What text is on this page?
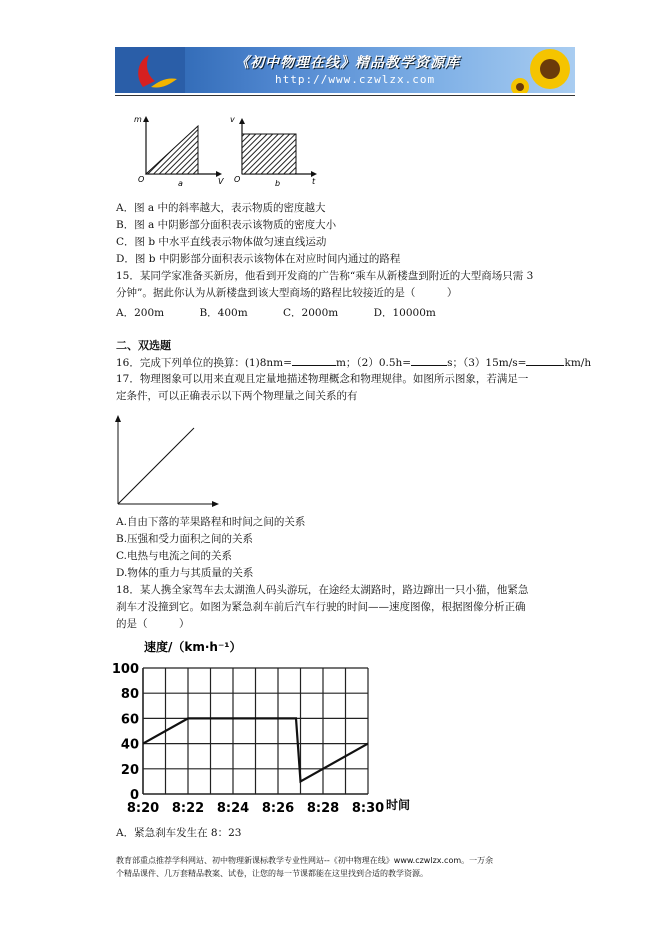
《初中物理在线》精品教学资源库
http://www.czwlzx.com
m
O	V
a
v
O	t
b
A．图 a 中的斜率越大，表示物质的密度越大
B．图 a 中阴影部分面积表示该物质的密度大小
C．图 b 中水平直线表示物体做匀速直线运动
D．图 b 中阴影部分面积表示该物体在对应时间内通过的路程
15．某同学家准备买新房，他看到开发商的广告称“乘车从新楼盘到附近的大型商场只需 3
分钟”。据此你认为从新楼盘到该大型商场的路程比较接近的是（　　　）
A．200m	B．400m	C．2000m	D．10000m
二、双选题
16．完成下列单位的换算：(1)8nm=	m；（2）0.5h=	s；（3）15m/s=	km/h
17．物理图象可以用来直观且定量地描述物理概念和物理规律。如图所示图象，若满足一
定条件，可以正确表示以下两个物理量之间关系的有
A.自由下落的苹果路程和时间之间的关系
B.压强和受力面积之间的关系
C.电热与电流之间的关系
D.物体的重力与其质量的关系
18．某人携全家驾车去太湖渔人码头游玩，在途经太湖路时，路边蹿出一只小猫，他紧急
刹车才没撞到它。如图为紧急刹车前后汽车行驶的时间——速度图像，根据图像分析正确
的是（　　　）
速度/（km·h⁻¹）
时间
0
20
40
60
80
100
8:20 8:22 8:24 8:26 8:28 8:30
A．紧急刹车发生在 8：23
教育部重点推荐学科网站、初中物理新课标教学专业性网站--《初中物理在线》www.czwlzx.com。一万余
个精品课件、几万套精品教案、试卷，让您的每一节课都能在这里找到合适的教学资源。
